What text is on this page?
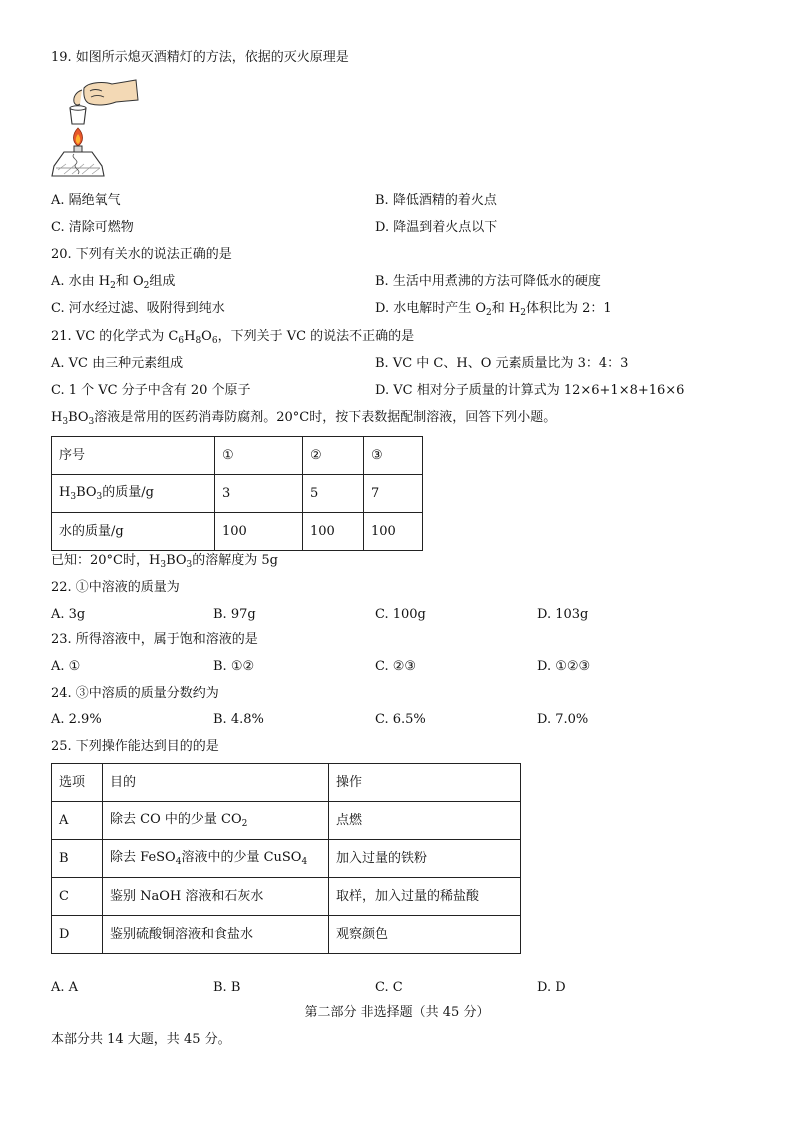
19. 如图所示熄灭酒精灯的方法，依据的灭火原理是
A. 隔绝氧气	B. 降低酒精的着火点
C. 清除可燃物	D. 降温到着火点以下
20. 下列有关水的说法正确的是
A. 水由 $H_2$和 $O_2$组成	B. 生活中用煮沸的方法可降低水的硬度
C. 河水经过滤、吸附得到纯水	D. 水电解时产生 $O_2$和 $H_2$体积比为 2：1
21. VC 的化学式为 $C_6H_8O_6$，下列关于 VC 的说法不正确的是
A. VC 由三种元素组成	B. VC 中 C、H、O 元素质量比为 3：4：3
C. 1 个 VC 分子中含有 20 个原子	D. VC 相对分子质量的计算式为 12×6+1×8+16×6
$H_3BO_3$溶液是常用的医药消毒防腐剂。20°C时，按下表数据配制溶液，回答下列小题。
序号	①	②	③
$H_3BO_3$的质量/g	3	5	7
水的质量/g	100	100	100
已知：20°C时，$H_3BO_3$的溶解度为 5g
22. ①中溶液的质量为
A. 3g	B. 97g	C. 100g	D. 103g
23. 所得溶液中，属于饱和溶液的是
A. ①	B. ①②	C. ②③	D. ①②③
24. ③中溶质的质量分数约为
A. 2.9%	B. 4.8%	C. 6.5%	D. 7.0%
25. 下列操作能达到目的的是
选项	目的	操作
A	除去 CO 中的少量 $CO_2$	点燃
B	除去 FeSO$_4$溶液中的少量 CuSO$_4$	加入过量的铁粉
C	鉴别 NaOH 溶液和石灰水	取样，加入过量的稀盐酸
D	鉴别硫酸铜溶液和食盐水	观察颜色
A. A	B. B	C. C	D. D
第二部分 非选择题（共 45 分）
本部分共 14 大题，共 45 分。
